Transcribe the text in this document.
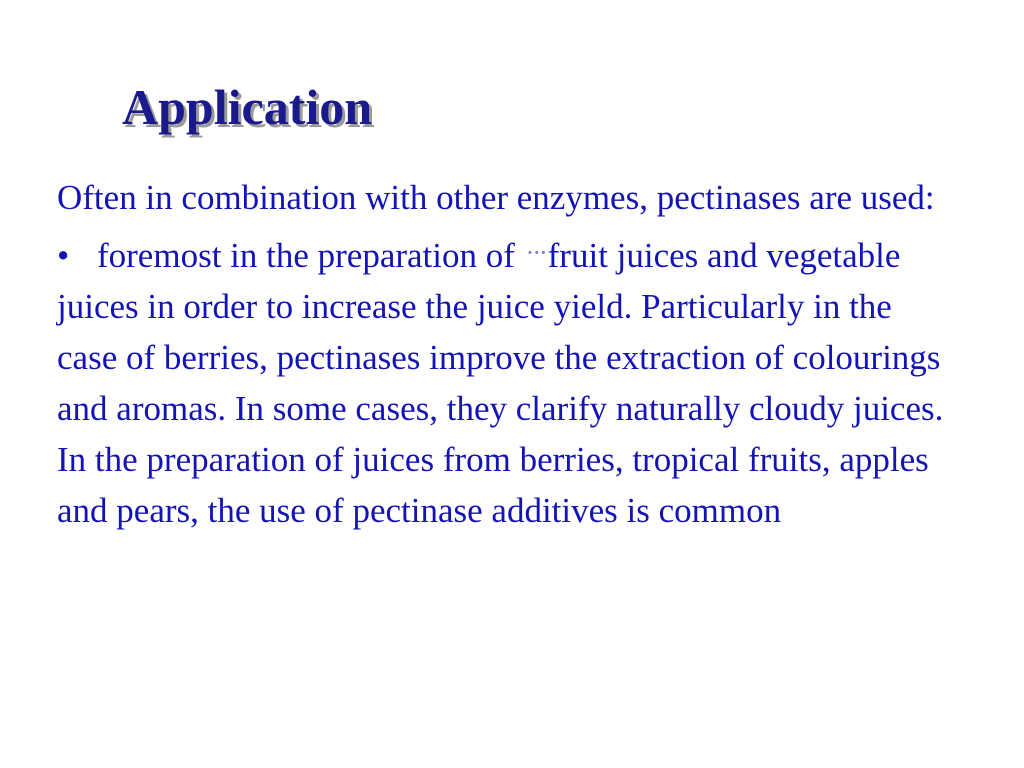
Application

Often in combination with other enzymes, pectinases are used:

• foremost in the preparation of ···fruit juices and vegetable juices in order to increase the juice yield. Particularly in the case of berries, pectinases improve the extraction of colourings and aromas. In some cases, they clarify naturally cloudy juices. In the preparation of juices from berries, tropical fruits, apples and pears, the use of pectinase additives is common
